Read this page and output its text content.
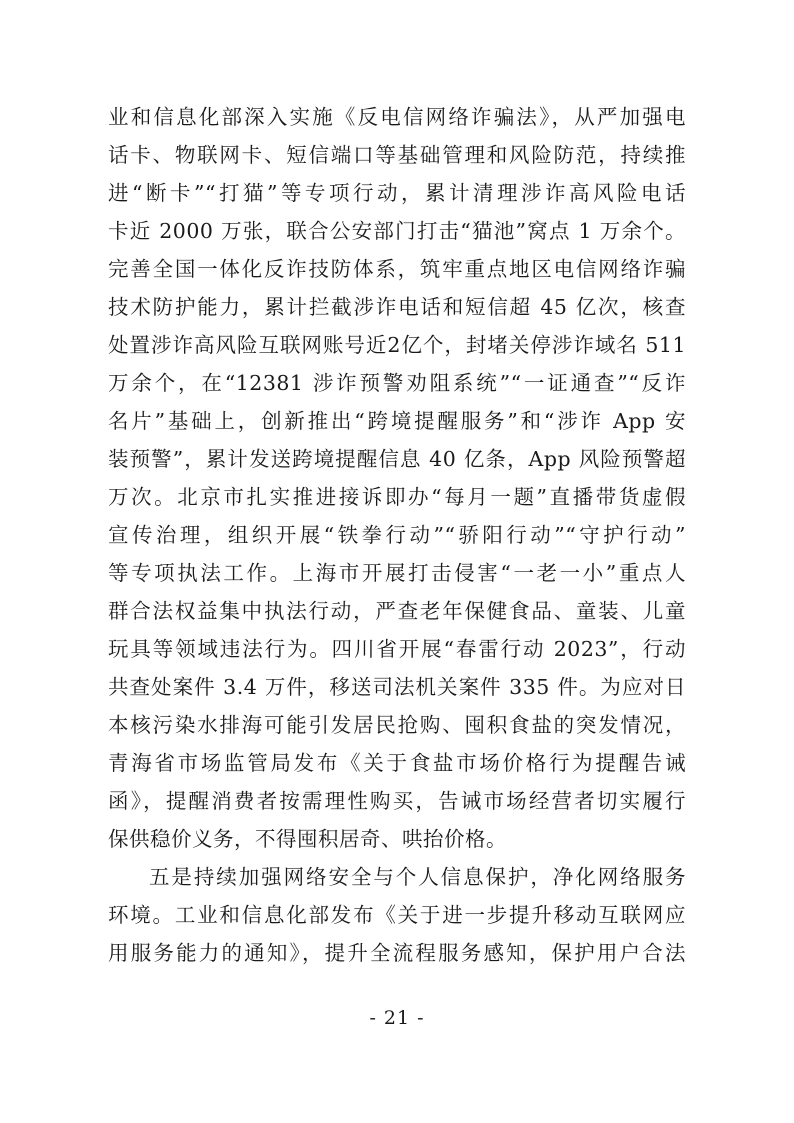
业和信息化部深入实施《反电信网络诈骗法》，从严加强电
话卡、物联网卡、短信端口等基础管理和风险防范，持续推
进“断卡”“打猫”等专项行动，累计清理涉诈高风险电话
卡近 2000 万张，联合公安部门打击“猫池”窝点 1 万余个。
完善全国一体化反诈技防体系，筑牢重点地区电信网络诈骗
技术防护能力，累计拦截涉诈电话和短信超 45 亿次，核查
处置涉诈高风险互联网账号近2亿个，封堵关停涉诈域名 511
万余个，在“12381 涉诈预警劝阻系统”“一证通查”“反诈
名片”基础上，创新推出“跨境提醒服务”和“涉诈 App 安
装预警”，累计发送跨境提醒信息 40 亿条，App 风险预警超
万次。北京市扎实推进接诉即办“每月一题”直播带货虚假
宣传治理，组织开展“铁拳行动”“骄阳行动”“守护行动”
等专项执法工作。上海市开展打击侵害“一老一小”重点人
群合法权益集中执法行动，严查老年保健食品、童装、儿童
玩具等领域违法行为。四川省开展“春雷行动 2023”，行动
共查处案件 3.4 万件，移送司法机关案件 335 件。为应对日
本核污染水排海可能引发居民抢购、囤积食盐的突发情况，
青海省市场监管局发布《关于食盐市场价格行为提醒告诫
函》，提醒消费者按需理性购买，告诫市场经营者切实履行
保供稳价义务，不得囤积居奇、哄抬价格。
五是持续加强网络安全与个人信息保护，净化网络服务
环境。工业和信息化部发布《关于进一步提升移动互联网应
用服务能力的通知》，提升全流程服务感知，保护用户合法
- 21 -
